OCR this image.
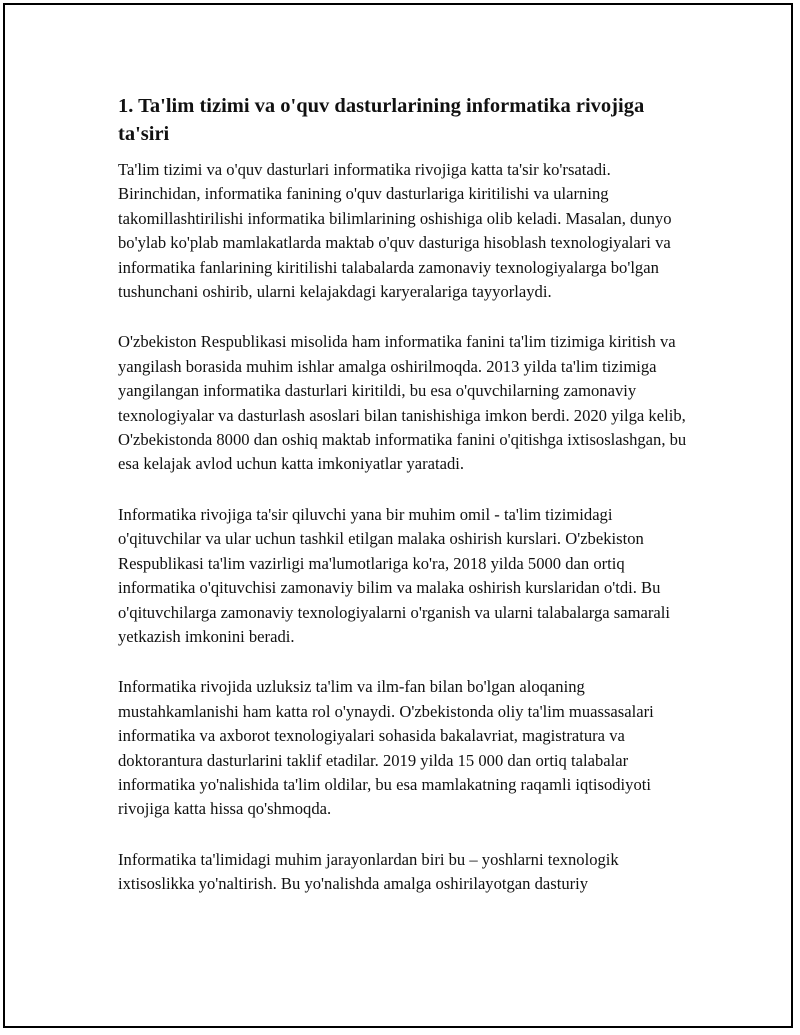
1. Ta'lim tizimi va o'quv dasturlarining informatika rivojiga ta'siri

Ta'lim tizimi va o'quv dasturlari informatika rivojiga katta ta'sir ko'rsatadi. Birinchidan, informatika fanining o'quv dasturlariga kiritilishi va ularning takomillashtirilishi informatika bilimlarining oshishiga olib keladi. Masalan, dunyo bo'ylab ko'plab mamlakatlarda maktab o'quv dasturiga hisoblash texnologiyalari va informatika fanlarining kiritilishi talabalarda zamonaviy texnologiyalarga bo'lgan tushunchani oshirib, ularni kelajakdagi karyeralariga tayyorlaydi.

O'zbekiston Respublikasi misolida ham informatika fanini ta'lim tizimiga kiritish va yangilash borasida muhim ishlar amalga oshirilmoqda. 2013 yilda ta'lim tizimiga yangilangan informatika dasturlari kiritildi, bu esa o'quvchilarning zamonaviy texnologiyalar va dasturlash asoslari bilan tanishishiga imkon berdi. 2020 yilga kelib, O'zbekistonda 8000 dan oshiq maktab informatika fanini o'qitishga ixtisoslashgan, bu esa kelajak avlod uchun katta imkoniyatlar yaratadi.

Informatika rivojiga ta'sir qiluvchi yana bir muhim omil - ta'lim tizimidagi o'qituvchilar va ular uchun tashkil etilgan malaka oshirish kurslari. O'zbekiston Respublikasi ta'lim vazirligi ma'lumotlariga ko'ra, 2018 yilda 5000 dan ortiq informatika o'qituvchisi zamonaviy bilim va malaka oshirish kurslaridan o'tdi. Bu o'qituvchilarga zamonaviy texnologiyalarni o'rganish va ularni talabalarga samarali yetkazish imkonini beradi.

Informatika rivojida uzluksiz ta'lim va ilm-fan bilan bo'lgan aloqaning mustahkamlanishi ham katta rol o'ynaydi. O'zbekistonda oliy ta'lim muassasalari informatika va axborot texnologiyalari sohasida bakalavriat, magistratura va doktorantura dasturlarini taklif etadilar. 2019 yilda 15 000 dan ortiq talabalar informatika yo'nalishida ta'lim oldilar, bu esa mamlakatning raqamli iqtisodiyoti rivojiga katta hissa qo'shmoqda.

Informatika ta'limidagi muhim jarayonlardan biri bu – yoshlarni texnologik ixtisoslikka yo'naltirish. Bu yo'nalishda amalga oshirilayotgan dasturiy
